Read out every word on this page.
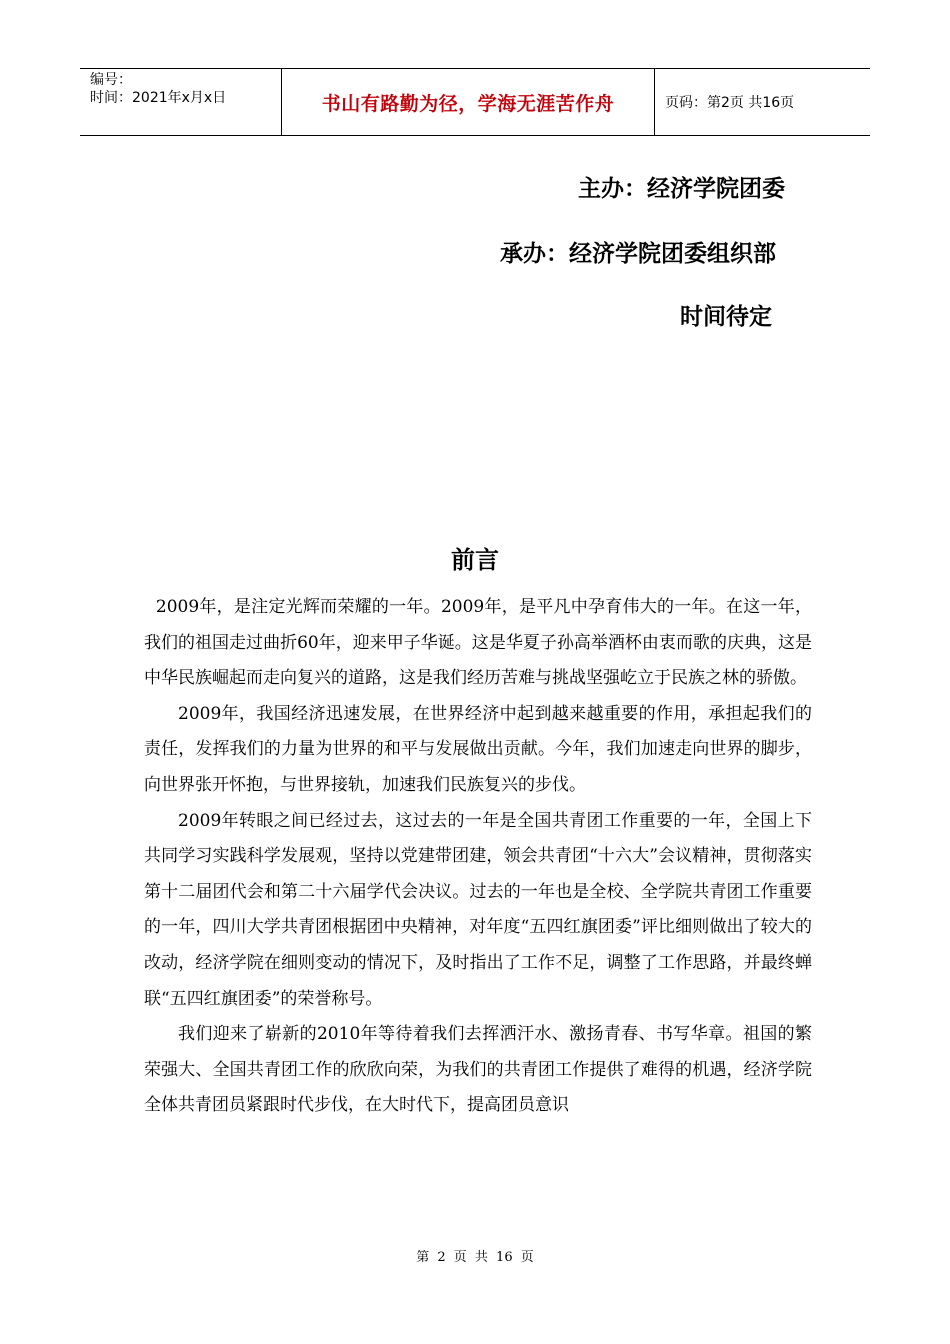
编号：
时间：2021年x月x日	书山有路勤为径，学海无涯苦作舟	页码：第2页 共16页
主办：经济学院团委
承办：经济学院团委组织部
时间待定
前言

2009年，是注定光辉而荣耀的一年。2009年，是平凡中孕育伟大的一年。在这一年，我们的祖国走过曲折60年，迎来甲子华诞。这是华夏子孙高举酒杯由衷而歌的庆典，这是中华民族崛起而走向复兴的道路，这是我们经历苦难与挑战坚强屹立于民族之林的骄傲。

2009年，我国经济迅速发展，在世界经济中起到越来越重要的作用，承担起我们的责任，发挥我们的力量为世界的和平与发展做出贡献。今年，我们加速走向世界的脚步，向世界张开怀抱，与世界接轨，加速我们民族复兴的步伐。

2009年转眼之间已经过去，这过去的一年是全国共青团工作重要的一年，全国上下共同学习实践科学发展观，坚持以党建带团建，领会共青团“十六大”会议精神，贯彻落实第十二届团代会和第二十六届学代会决议。过去的一年也是全校、全学院共青团工作重要的一年，四川大学共青团根据团中央精神，对年度“五四红旗团委”评比细则做出了较大的改动，经济学院在细则变动的情况下，及时指出了工作不足，调整了工作思路，并最终蝉联“五四红旗团委”的荣誉称号。

我们迎来了崭新的2010年等待着我们去挥洒汗水、激扬青春、书写华章。祖国的繁荣强大、全国共青团工作的欣欣向荣，为我们的共青团工作提供了难得的机遇，经济学院全体共青团员紧跟时代步伐，在大时代下，提高团员意识

第 2 页 共 16 页
